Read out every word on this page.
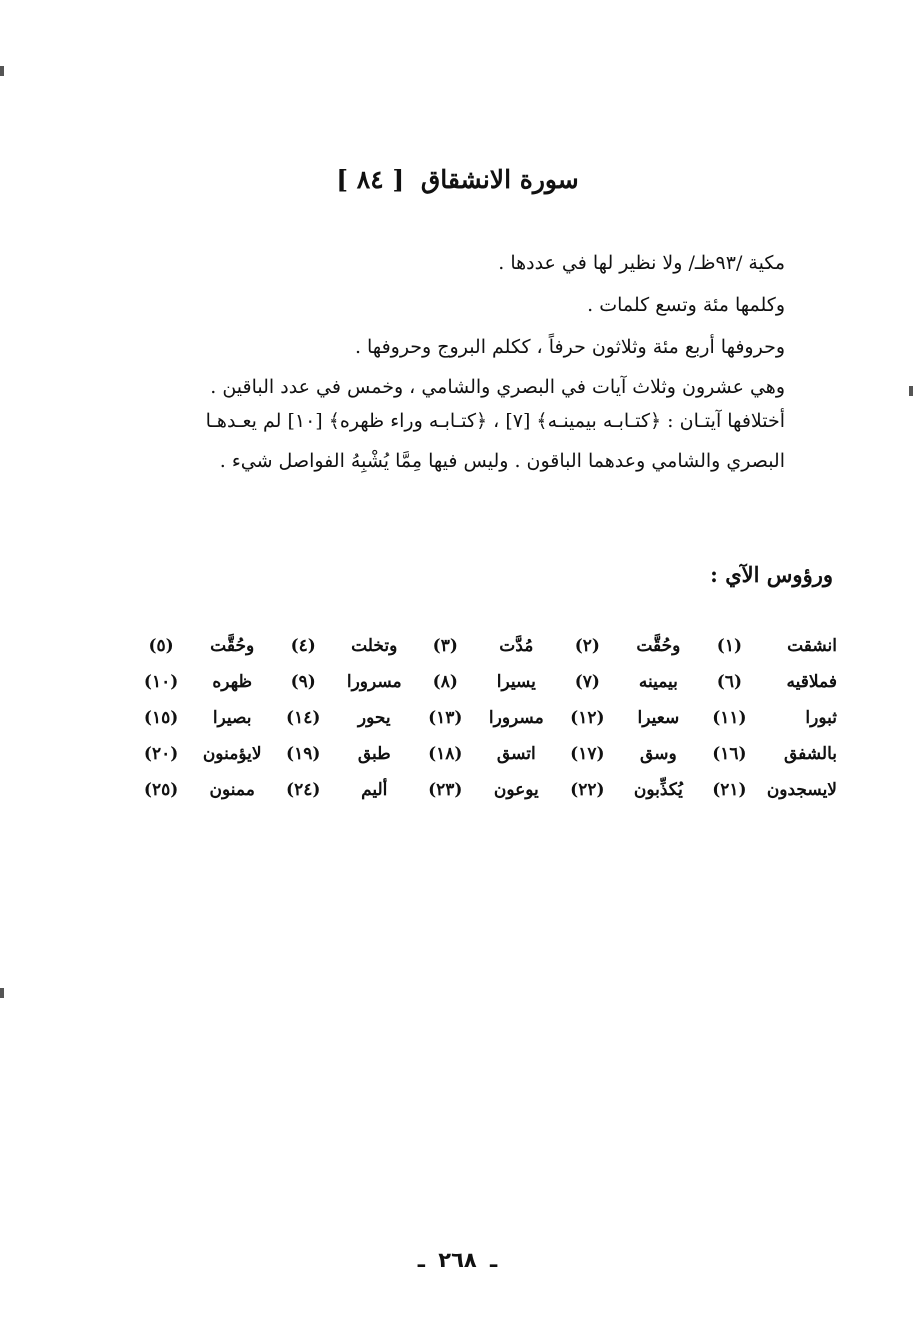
سورة الانشقاق [ ٨٤ ]
مكية /٩٣ظـ/ ولا نظير لها في عددها .
وكلمها مئة وتسع كلمات .
وحروفها أربع مئة وثلاثون حرفاً ، ككلم البروج وحروفها .
وهي عشرون وثلاث آيات في البصري والشامي ، وخمس في عدد الباقين .
أختلافها آيتـان : ﴿كتـابـه بيمينـه﴾ [٧] ، ﴿كتـابـه وراء ظهره﴾ [١٠] لم يعـدهـا
البصري والشامي وعدهما الباقون . وليس فيها مِمَّا يُشْبِهُ الفواصل شيء .
ورؤوس الآي :
انشقت	(١)	وحُقَّت	(٢)	مُدَّت	(٣)	وتخلت	(٤)	وحُقَّت	(٥)
فملاقيه	(٦)	بيمينه	(٧)	يسيرا	(٨)	مسرورا	(٩)	ظهره	(١٠)
ثبورا	(١١)	سعيرا	(١٢)	مسرورا	(١٣)	يحور	(١٤)	بصيرا	(١٥)
بالشفق	(١٦)	وسق	(١٧)	اتسق	(١٨)	طبق	(١٩)	لايؤمنون	(٢٠)
لايسجدون	(٢١)	يُكذِّبون	(٢٢)	يوعون	(٢٣)	أليم	(٢٤)	ممنون	(٢٥)
ـ ٢٦٨ ـ
